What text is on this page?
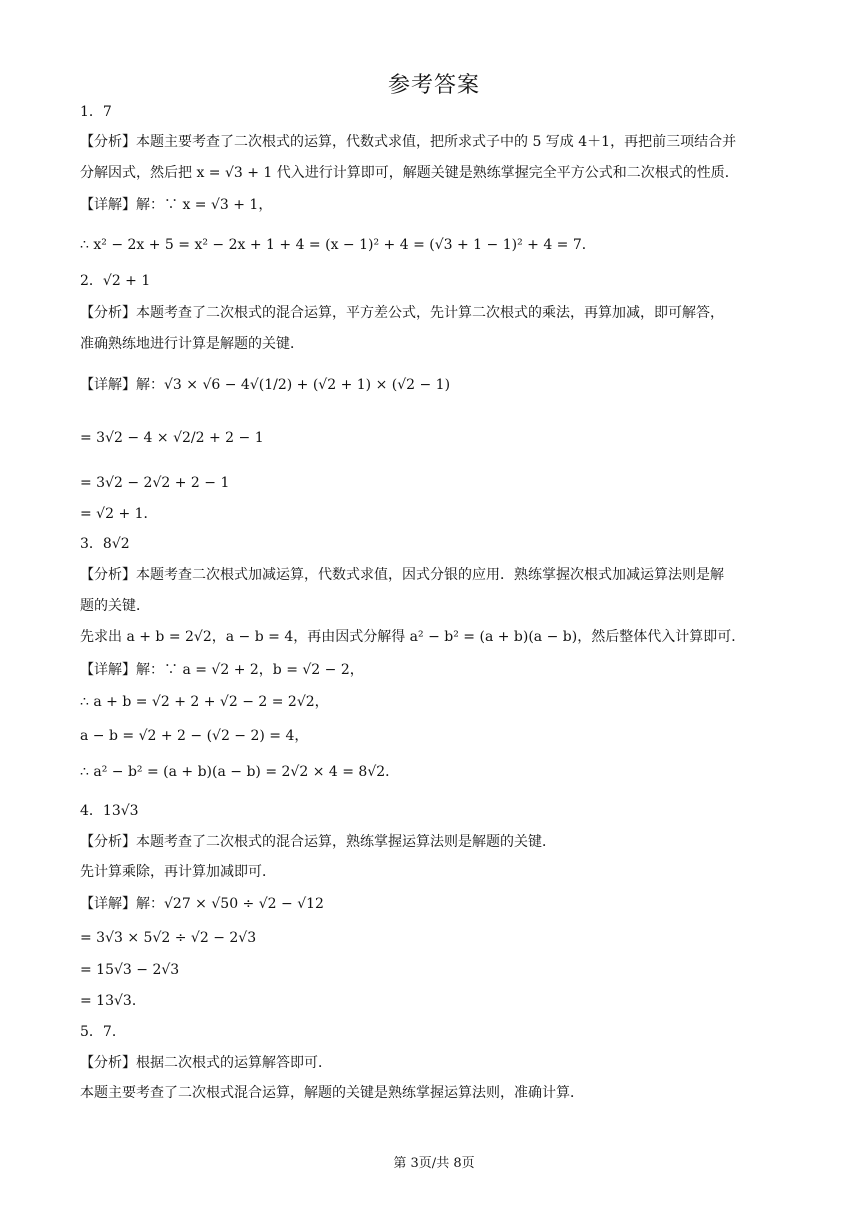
参考答案
1．7
【分析】本题主要考查了二次根式的运算，代数式求值，把所求式子中的 5 写成 4＋1，再把前三项结合并
分解因式，然后把 x = √3 + 1 代入进行计算即可，解题关键是熟练掌握完全平方公式和二次根式的性质．
【详解】解：∵ x = √3 + 1，
∴ x² − 2x + 5 = x² − 2x + 1 + 4 = (x − 1)² + 4 = (√3 + 1 − 1)² + 4 = 7．
2．√2 + 1
【分析】本题考查了二次根式的混合运算，平方差公式，先计算二次根式的乘法，再算加减，即可解答，
准确熟练地进行计算是解题的关键．
【详解】解：√3 × √6 − 4√(1/2) + (√2 + 1) × (√2 − 1)
= 3√2 − 4 × √2/2 + 2 − 1
= 3√2 − 2√2 + 2 − 1
= √2 + 1．
3．8√2
【分析】本题考查二次根式加减运算，代数式求值，因式分银的应用．熟练掌握次根式加减运算法则是解
题的关键．
先求出 a + b = 2√2，a − b = 4，再由因式分解得 a² − b² = (a + b)(a − b)，然后整体代入计算即可．
【详解】解：∵ a = √2 + 2，b = √2 − 2，
∴ a + b = √2 + 2 + √2 − 2 = 2√2，
a − b = √2 + 2 − (√2 − 2) = 4，
∴ a² − b² = (a + b)(a − b) = 2√2 × 4 = 8√2．
4．13√3
【分析】本题考查了二次根式的混合运算，熟练掌握运算法则是解题的关键．
先计算乘除，再计算加减即可．
【详解】解：√27 × √50 ÷ √2 − √12
= 3√3 × 5√2 ÷ √2 − 2√3
= 15√3 − 2√3
= 13√3．
5．7．
【分析】根据二次根式的运算解答即可．
本题主要考查了二次根式混合运算，解题的关键是熟练掌握运算法则，准确计算．
第 3页/共 8页
